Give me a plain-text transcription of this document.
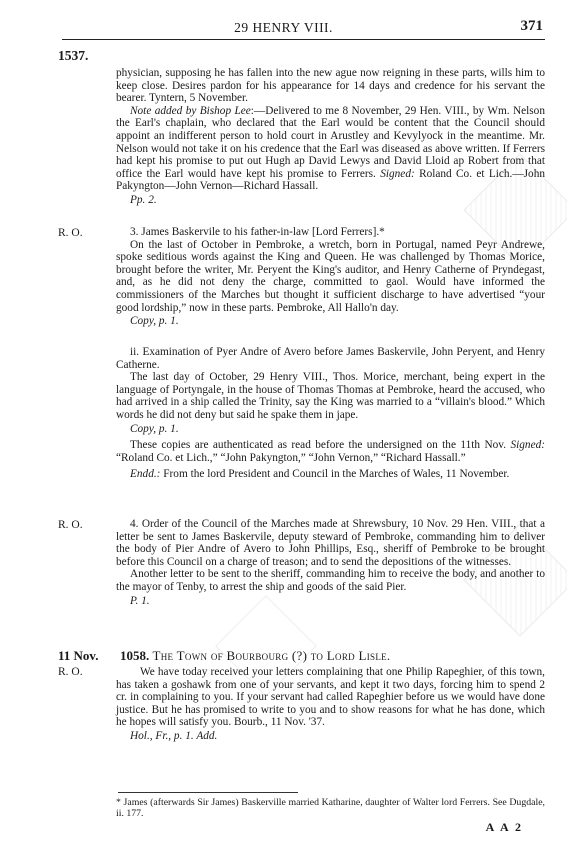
29 HENRY VIII.	371
1537.

physician, supposing he has fallen into the new ague now reigning in these parts, wills him to keep close. Desires pardon for his appearance for 14 days and credence for his servant the bearer. Tyntern, 5 November.

Note added by Bishop Lee:—Delivered to me 8 November, 29 Hen. VIII., by Wm. Nelson the Earl's chaplain, who declared that the Earl would be content that the Council should appoint an indifferent person to hold court in Arustley and Kevylyock in the meantime. Mr. Nelson would not take it on his credence that the Earl was diseased as above written. If Ferrers had kept his promise to put out Hugh ap David Lewys and David Lloid ap Robert from that office the Earl would have kept his promise to Ferrers. Signed: Roland Co. et Lich.—John Pakyngton—John Vernon—Richard Hassall.

Pp. 2.

R. O.	3. James Baskervile to his father-in-law [Lord Ferrers].*

On the last of October in Pembroke, a wretch, born in Portugal, named Peyr Andrewe, spoke seditious words against the King and Queen. He was challenged by Thomas Morice, brought before the writer, Mr. Peryent the King's auditor, and Henry Catherne of Pryndegast, and, as he did not deny the charge, committed to gaol. Would have informed the commissioners of the Marches but thought it sufficient discharge to have advertised “your good lordship,” now in these parts. Pembroke, All Hallo'n day.

Copy, p. 1.

ii. Examination of Pyer Andre of Avero before James Baskervile, John Peryent, and Henry Catherne.

The last day of October, 29 Henry VIII., Thos. Morice, merchant, being expert in the language of Portyngale, in the house of Thomas Thomas at Pembroke, heard the accused, who had arrived in a ship called the Trinity, say the King was married to a “villain's blood.” Which words he did not deny but said he spake them in jape.

Copy, p. 1.

These copies are authenticated as read before the undersigned on the 11th Nov. Signed: “Roland Co. et Lich.,” “John Pakyngton,” “John Vernon,” “Richard Hassall.”

Endd.: From the lord President and Council in the Marches of Wales, 11 November.

R. O.	4. Order of the Council of the Marches made at Shrewsbury, 10 Nov. 29 Hen. VIII., that a letter be sent to James Baskervile, deputy steward of Pembroke, commanding him to deliver the body of Pier Andre of Avero to John Phillips, Esq., sheriff of Pembroke to be brought before this Council on a charge of treason; and to send the depositions of the witnesses.

Another letter to be sent to the sheriff, commanding him to receive the body, and another to the mayor of Tenby, to arrest the ship and goods of the said Pier.

P. 1.

11 Nov. 1058. The Town of Bourbourg (?) to Lord Lisle.
R. O.	We have today received your letters complaining that one Philip Rapeghier, of this town, has taken a goshawk from one of your servants, and kept it two days, forcing him to spend 2 cr. in complaining to you. If your servant had called Rapeghier before us we would have done justice. But he has promised to write to you and to show reasons for what he has done, which he hopes will satisfy you. Bourb., 11 Nov. '37.

Hol., Fr., p. 1. Add.

* James (afterwards Sir James) Baskerville married Katharine, daughter of Walter lord Ferrers. See Dugdale, ii. 177.
A A 2
